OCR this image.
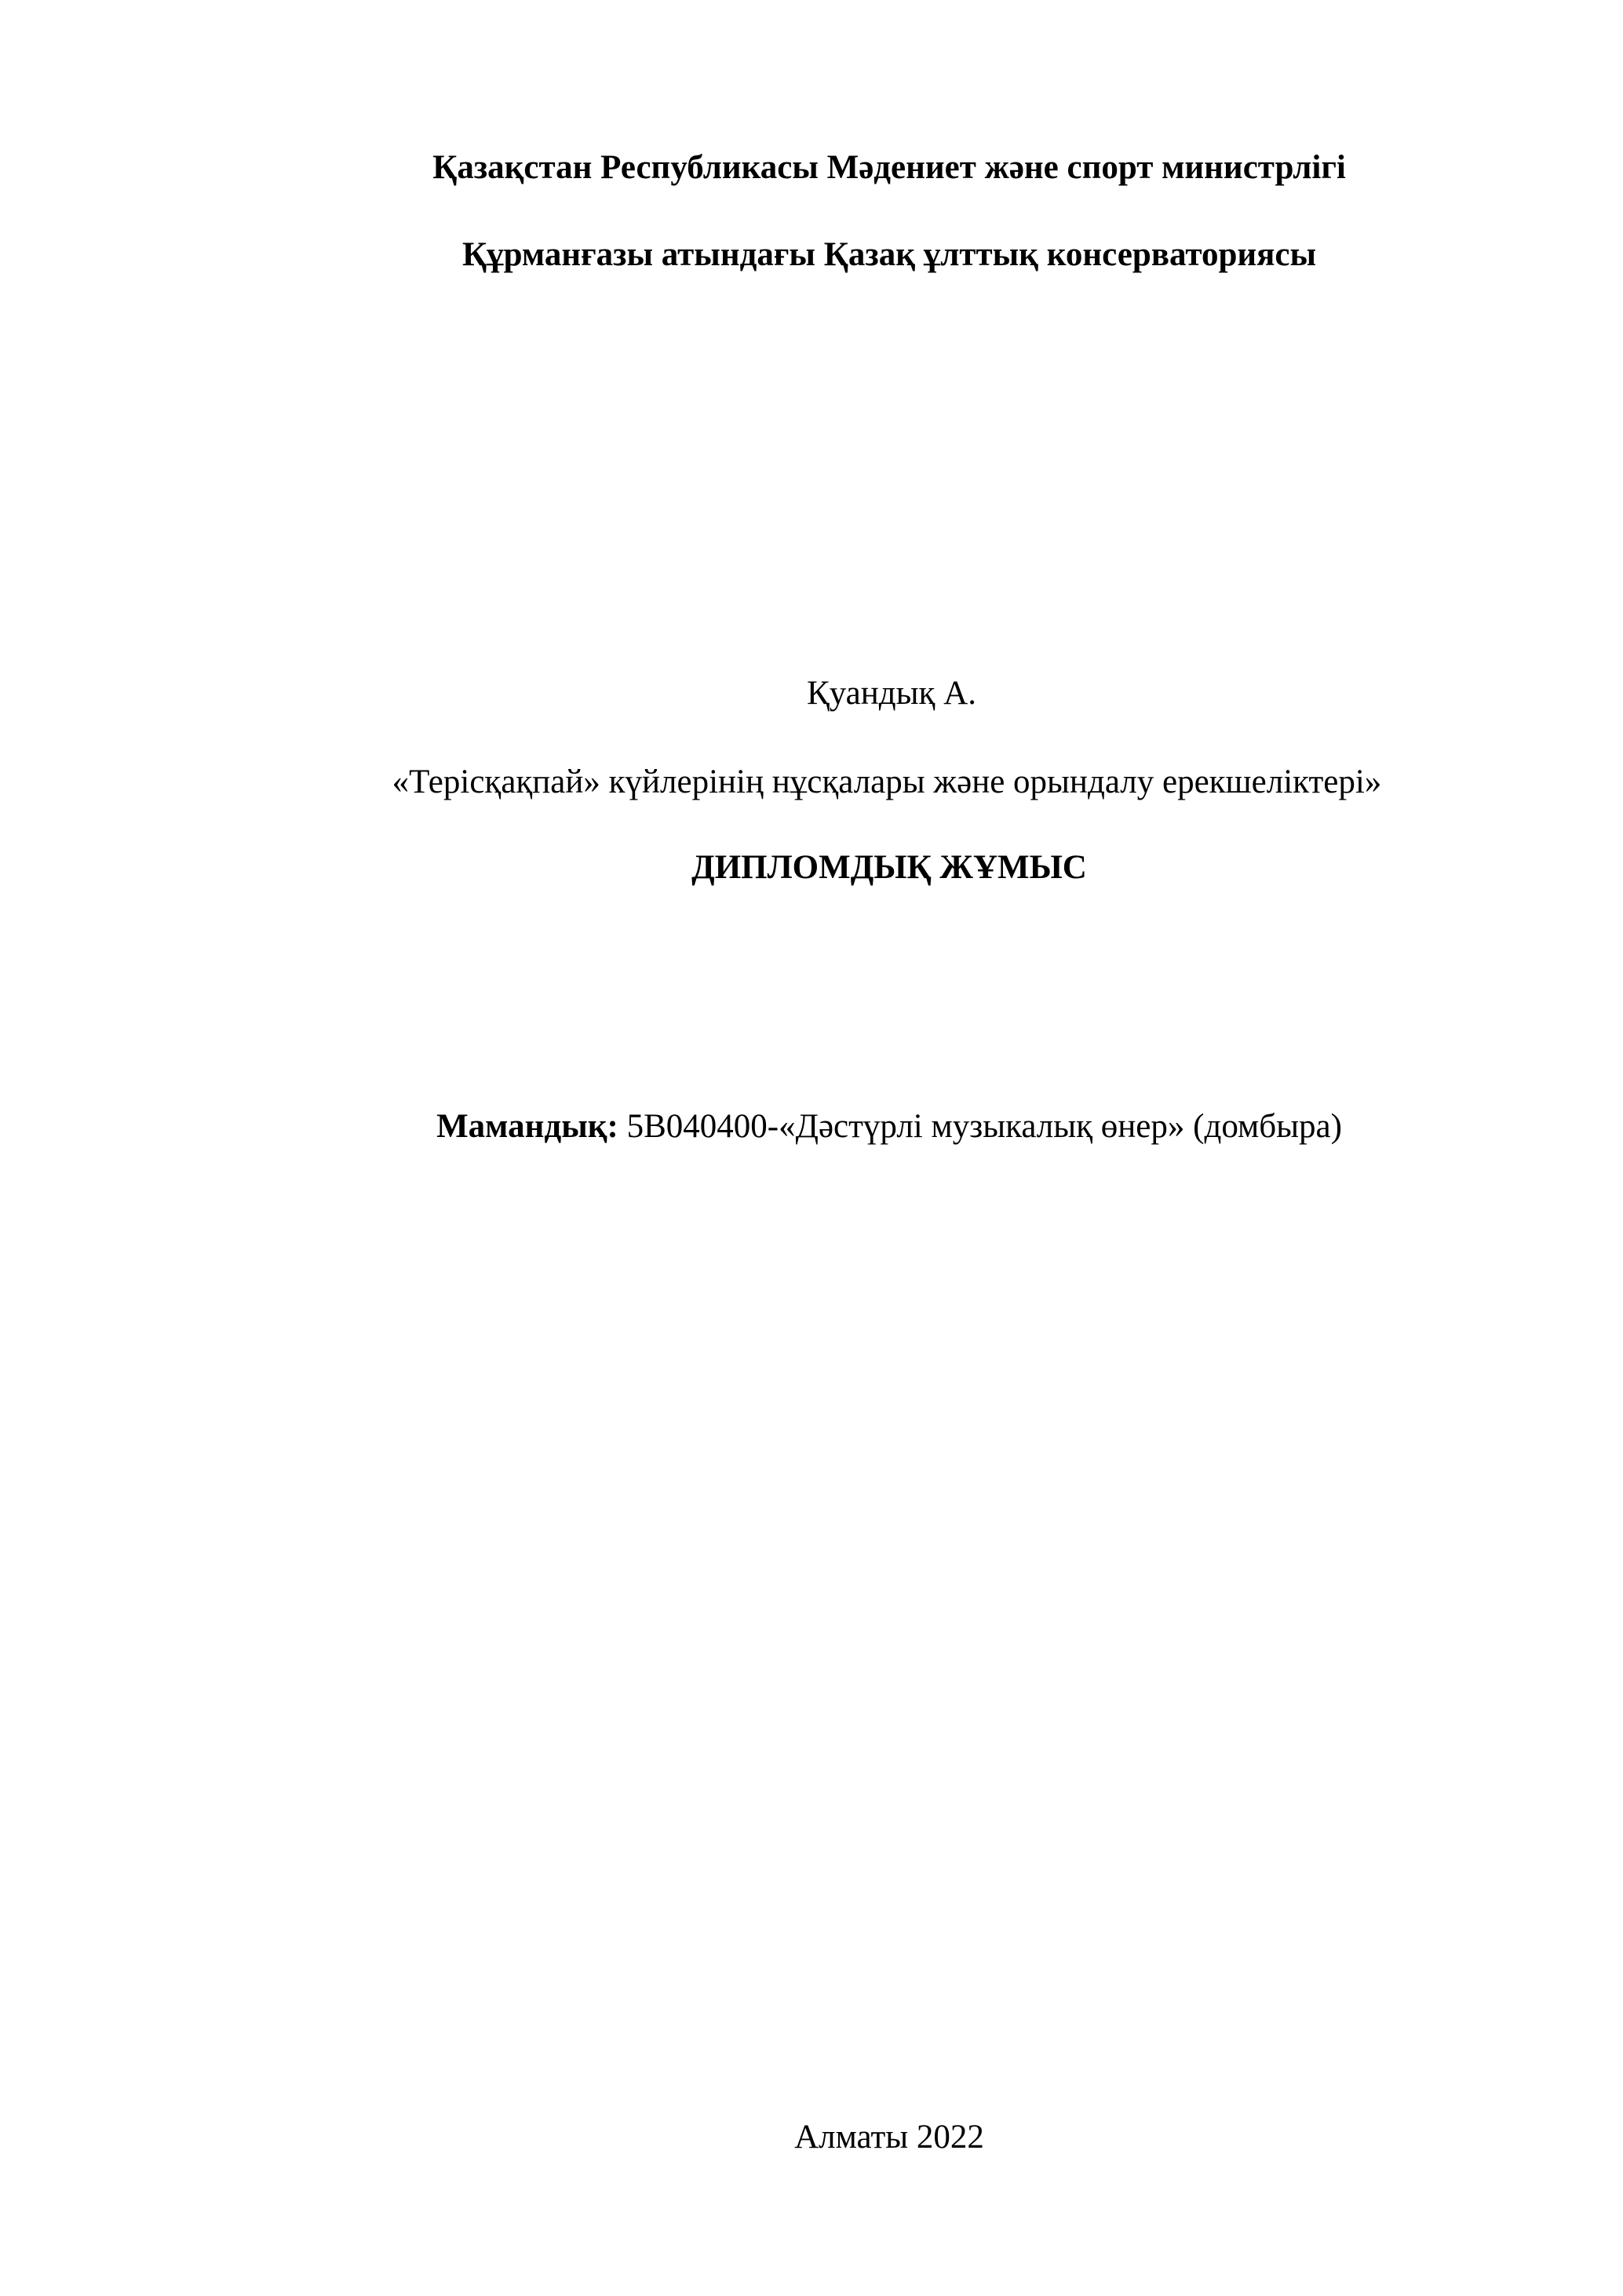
Қазақстан Республикасы Мәдениет және спорт министрлігі
Құрманғазы атындағы Қазақ ұлттық консерваториясы
Қуандық А.
«Терісқақпай» күйлерінің нұсқалары және орындалу ерекшеліктері»
ДИПЛОМДЫҚ ЖҰМЫС
Мамандық: 5В040400-«Дәстүрлі музыкалық өнер» (домбыра)
Алматы 2022
